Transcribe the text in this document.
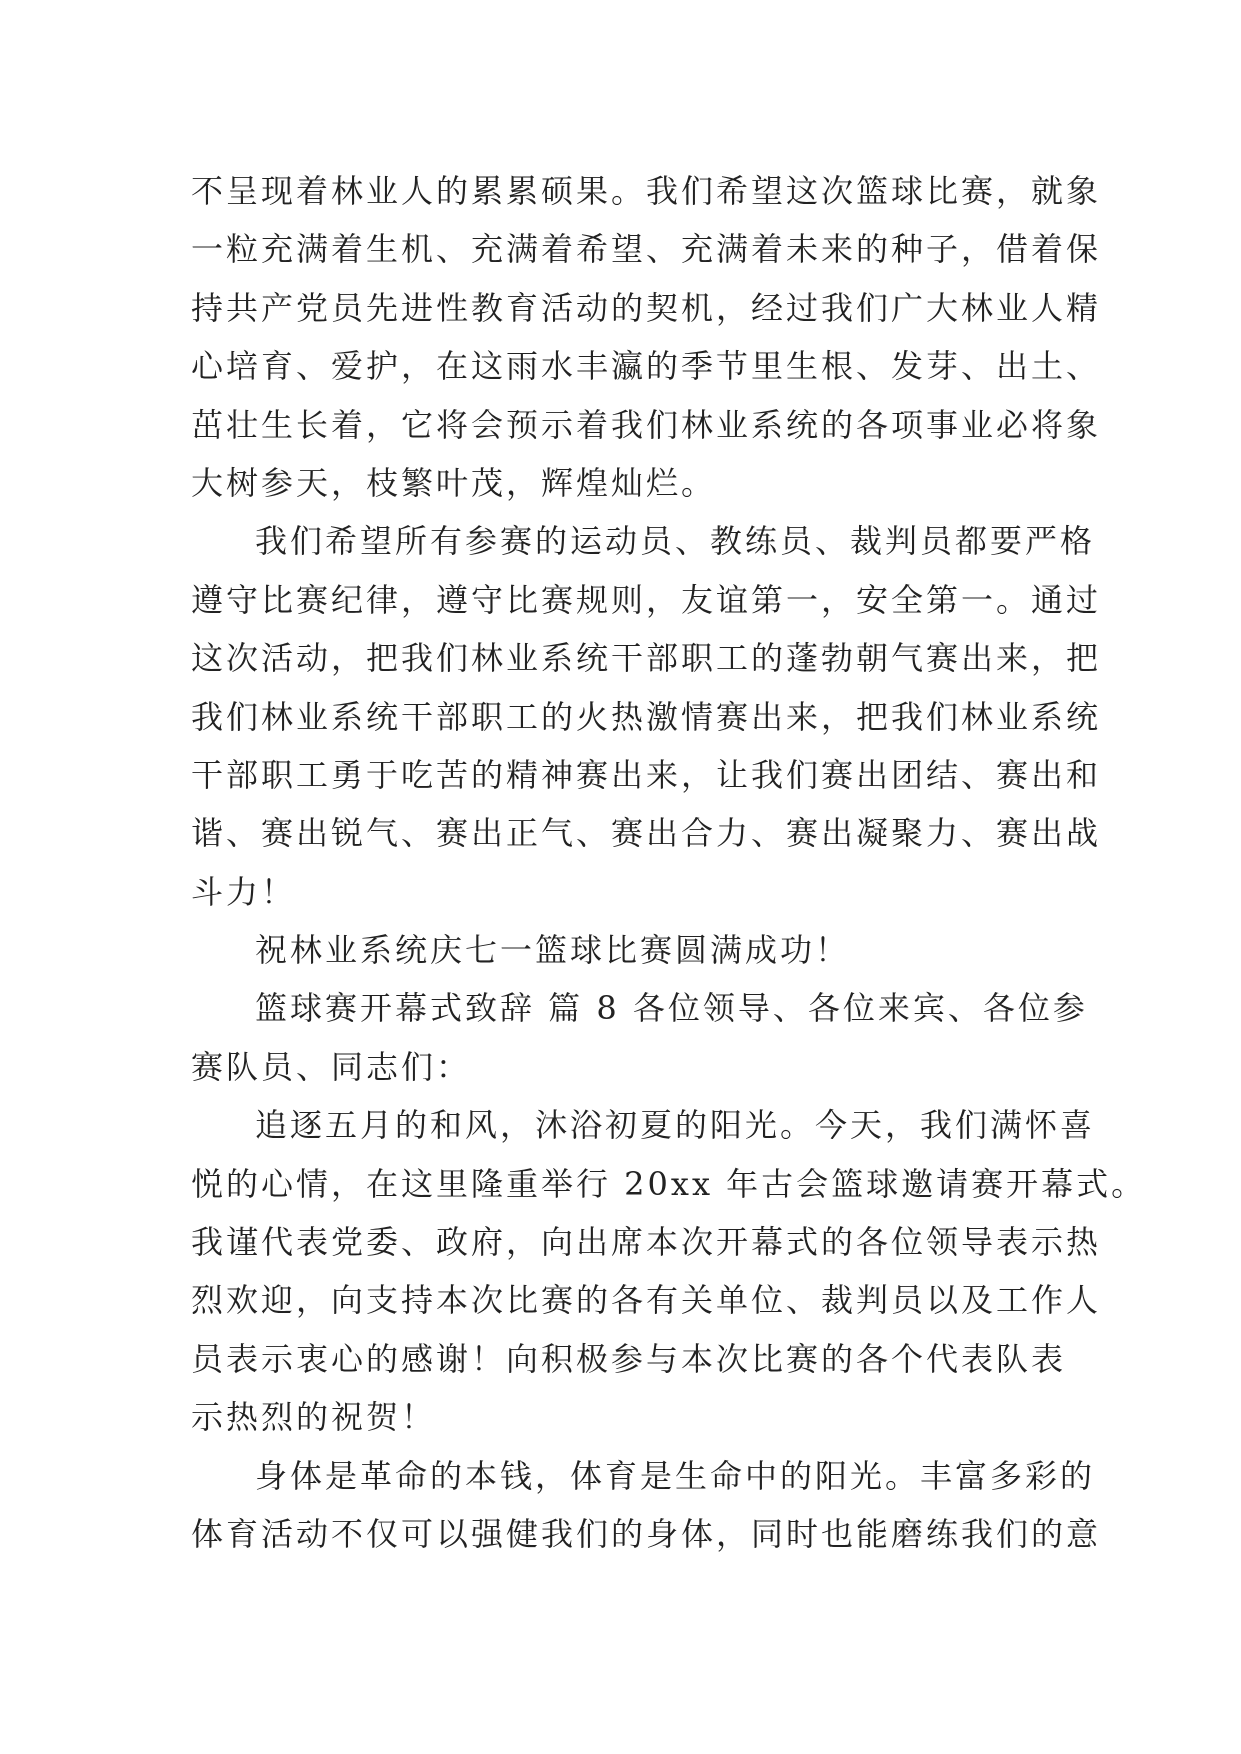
不呈现着林业人的累累硕果。我们希望这次篮球比赛，就象
一粒充满着生机、充满着希望、充满着未来的种子，借着保
持共产党员先进性教育活动的契机，经过我们广大林业人精
心培育、爱护，在这雨水丰瀛的季节里生根、发芽、出土、
茁壮生长着，它将会预示着我们林业系统的各项事业必将象
大树参天，枝繁叶茂，辉煌灿烂。
我们希望所有参赛的运动员、教练员、裁判员都要严格
遵守比赛纪律，遵守比赛规则，友谊第一，安全第一。通过
这次活动，把我们林业系统干部职工的蓬勃朝气赛出来，把
我们林业系统干部职工的火热激情赛出来，把我们林业系统
干部职工勇于吃苦的精神赛出来，让我们赛出团结、赛出和
谐、赛出锐气、赛出正气、赛出合力、赛出凝聚力、赛出战
斗力！
祝林业系统庆七一篮球比赛圆满成功！
篮球赛开幕式致辞 篇 8 各位领导、各位来宾、各位参
赛队员、同志们：
追逐五月的和风，沐浴初夏的阳光。今天，我们满怀喜
悦的心情，在这里隆重举行 20xx 年古会篮球邀请赛开幕式。
我谨代表党委、政府，向出席本次开幕式的各位领导表示热
烈欢迎，向支持本次比赛的各有关单位、裁判员以及工作人
员表示衷心的感谢！向积极参与本次比赛的各个代表队表
示热烈的祝贺！
身体是革命的本钱，体育是生命中的阳光。丰富多彩的
体育活动不仅可以强健我们的身体，同时也能磨练我们的意
